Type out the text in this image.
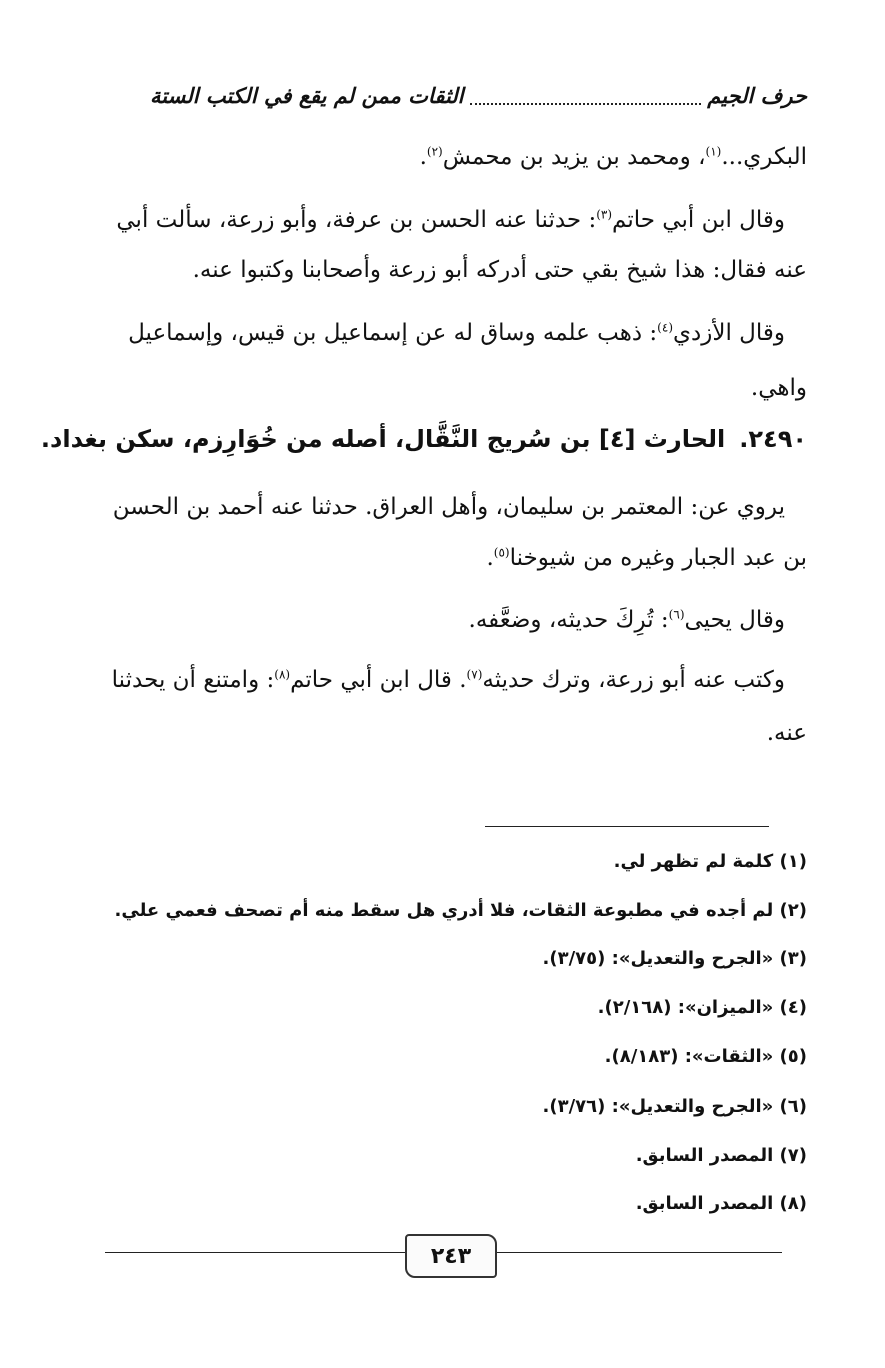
حرف الجيم
الثقات ممن لم يقع في الكتب الستة
البكري...$^{(١)}$، ومحمد بن يزيد بن محمش$^{(٢)}$.
وقال ابن أبي حاتم$^{(٣)}$: حدثنا عنه الحسن بن عرفة، وأبو زرعة، سألت أبي
عنه فقال: هذا شيخ بقي حتى أدركه أبو زرعة وأصحابنا وكتبوا عنه.
وقال الأزدي$^{(٤)}$: ذهب علمه وساق له عن إسماعيل بن قيس، وإسماعيل
واهي.
٢٤٩٠.الحارث [٤] بن سُريج النَّقَّال، أصله من خُوَارِزم، سكن بغداد.
يروي عن: المعتمر بن سليمان، وأهل العراق. حدثنا عنه أحمد بن الحسن
بن عبد الجبار وغيره من شيوخنا$^{(٥)}$.
وقال يحيى$^{(٦)}$: تُرِكَ حديثه، وضعَّفه.
وكتب عنه أبو زرعة، وترك حديثه$^{(٧)}$. قال ابن أبي حاتم$^{(٨)}$: وامتنع أن يحدثنا
عنه.
(١) كلمة لم تظهر لي.
(٢) لم أجده في مطبوعة الثقات، فلا أدري هل سقط منه أم تصحف فعمي علي.
(٣) «الجرح والتعديل»: (٣/٧٥).
(٤) «الميزان»: (٢/١٦٨).
(٥) «الثقات»: (٨/١٨٣).
(٦) «الجرح والتعديل»: (٣/٧٦).
(٧) المصدر السابق.
(٨) المصدر السابق.
٢٤٣
